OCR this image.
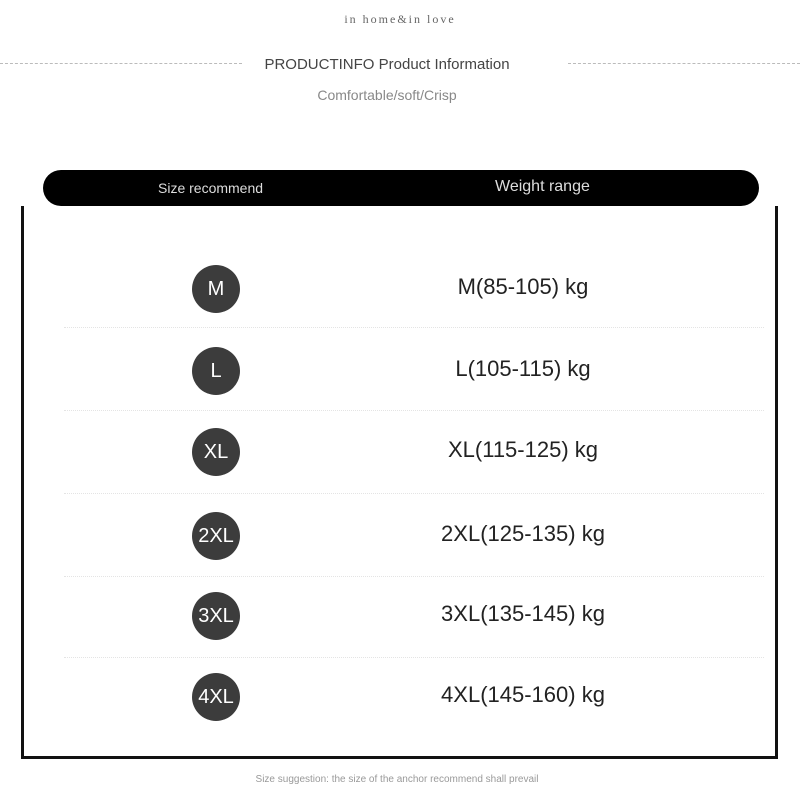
in home&in love
PRODUCTINFO Product Information
Comfortable/soft/Crisp
Size recommend	Weight range
M	M(85-105) kg
L	L(105-115) kg
XL	XL(115-125) kg
2XL	2XL(125-135) kg
3XL	3XL(135-145) kg
4XL	4XL(145-160) kg
Size suggestion: the size of the anchor recommend shall prevail
